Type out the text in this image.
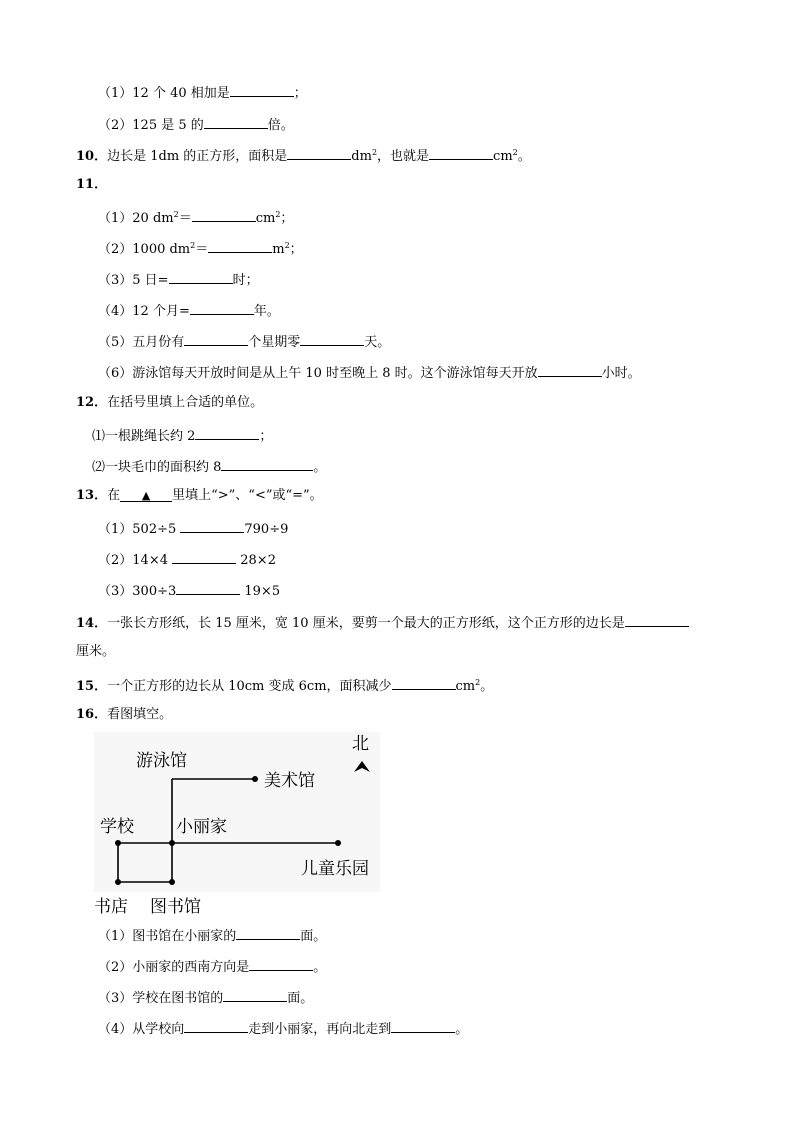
（1）12 个 40 相加是	；
（2）125 是 5 的	倍。
10．边长是 1dm 的正方形，面积是	$dm^2$，也就是	$cm^2$。
11．
（1）20 $dm^2=$	$cm^2$；
（2）1000 $dm^2=$	$m^2$；
（3）5 日=	时；
（4）12 个月=	年。
（5）五月份有	个星期零	天。
（6）游泳馆每天开放时间是从上午 10 时至晚上 8 时。这个游泳馆每天开放	小时。
12．在括号里填上合适的单位。
⑴一根跳绳长约 2	；
⑵一块毛巾的面积约 8	。
13．在 ▲ 里填上“>”、“<”或“=”。
（1）502÷5	790÷9
（2）14×4	28×2
（3）300÷3	19×5
14．一张长方形纸，长 15 厘米，宽 10 厘米，要剪一个最大的正方形纸，这个正方形的边长是
厘米。
15．一个正方形的边长从 10cm 变成 6cm，面积减少	$cm^2$。
16．看图填空。
北
游泳馆
美术馆
学校 小丽家
儿童乐园
书店 图书馆
（1）图书馆在小丽家的	面。
（2）小丽家的西南方向是	。
（3）学校在图书馆的	面。
（4）从学校向	走到小丽家，再向北走到	。
